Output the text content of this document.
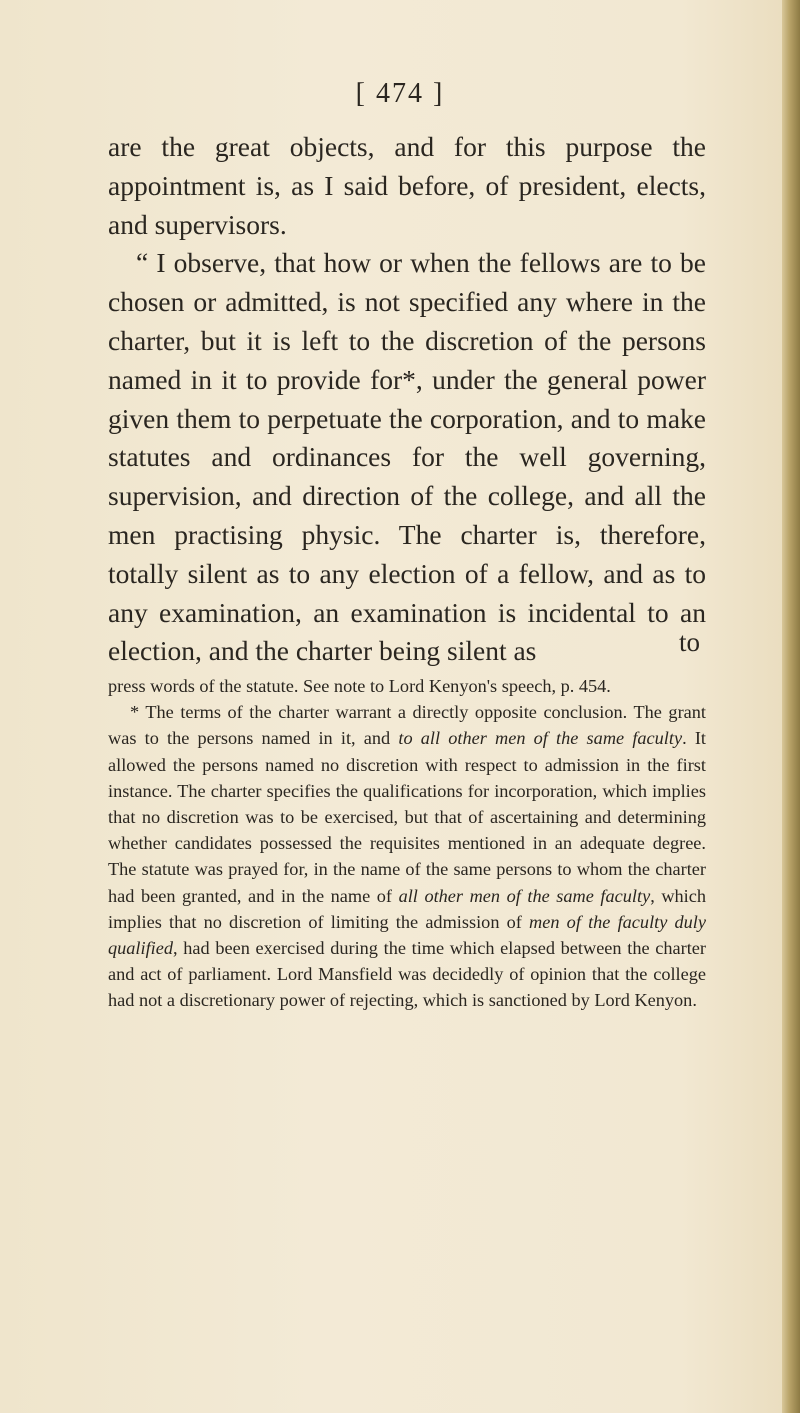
[ 474 ]

are the great objects, and for this purpose the appointment is, as I said before, of president, elects, and supervisors.

“ I observe, that how or when the fellows are to be chosen or admitted, is not specified any where in the charter, but it is left to the discretion of the persons named in it to provide for*, under the general power given them to perpetuate the corporation, and to make statutes and ordinances for the well governing, supervision, and direction of the college, and all the men practising physic. The charter is, therefore, totally silent as to any election of a fellow, and as to any examination, an examination is incidental to an election, and the charter being silent as	to

press words of the statute. See note to Lord Kenyon's speech, p. 454.

* The terms of the charter warrant a directly opposite conclusion. The grant was to the persons named in it, and to all other men of the same faculty. It allowed the persons named no discretion with respect to admission in the first instance. The charter specifies the qualifications for incorporation, which implies that no discretion was to be exercised, but that of ascertaining and determining whether candidates possessed the requisites mentioned in an adequate degree. The statute was prayed for, in the name of the same persons to whom the charter had been granted, and in the name of all other men of the same faculty, which implies that no discretion of limiting the admission of men of the faculty duly qualified, had been exercised during the time which elapsed between the charter and act of parliament. Lord Mansfield was decidedly of opinion that the college had not a discretionary power of rejecting, which is sanctioned by Lord Kenyon.
